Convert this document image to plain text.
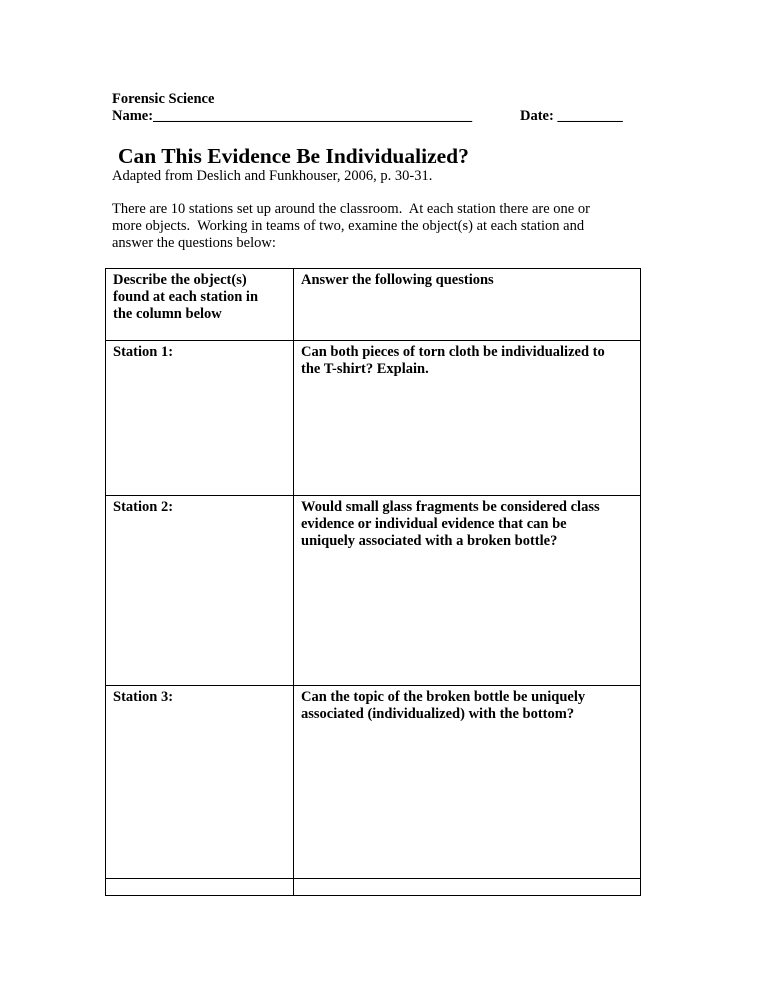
Forensic Science
Name:____________________________________________	Date: _________
Can This Evidence Be Individualized?
Adapted from Deslich and Funkhouser, 2006, p. 30-31.
There are 10 stations set up around the classroom.  At each station there are one or
more objects.  Working in teams of two, examine the object(s) at each station and
answer the questions below:
Describe the object(s)
found at each station in
the column below	Answer the following questions

Station 1:	Can both pieces of torn cloth be individualized to
the T-shirt? Explain.

Station 2:	Would small glass fragments be considered class
evidence or individual evidence that can be
uniquely associated with a broken bottle?

Station 3:	Can the topic of the broken bottle be uniquely
associated (individualized) with the bottom?
